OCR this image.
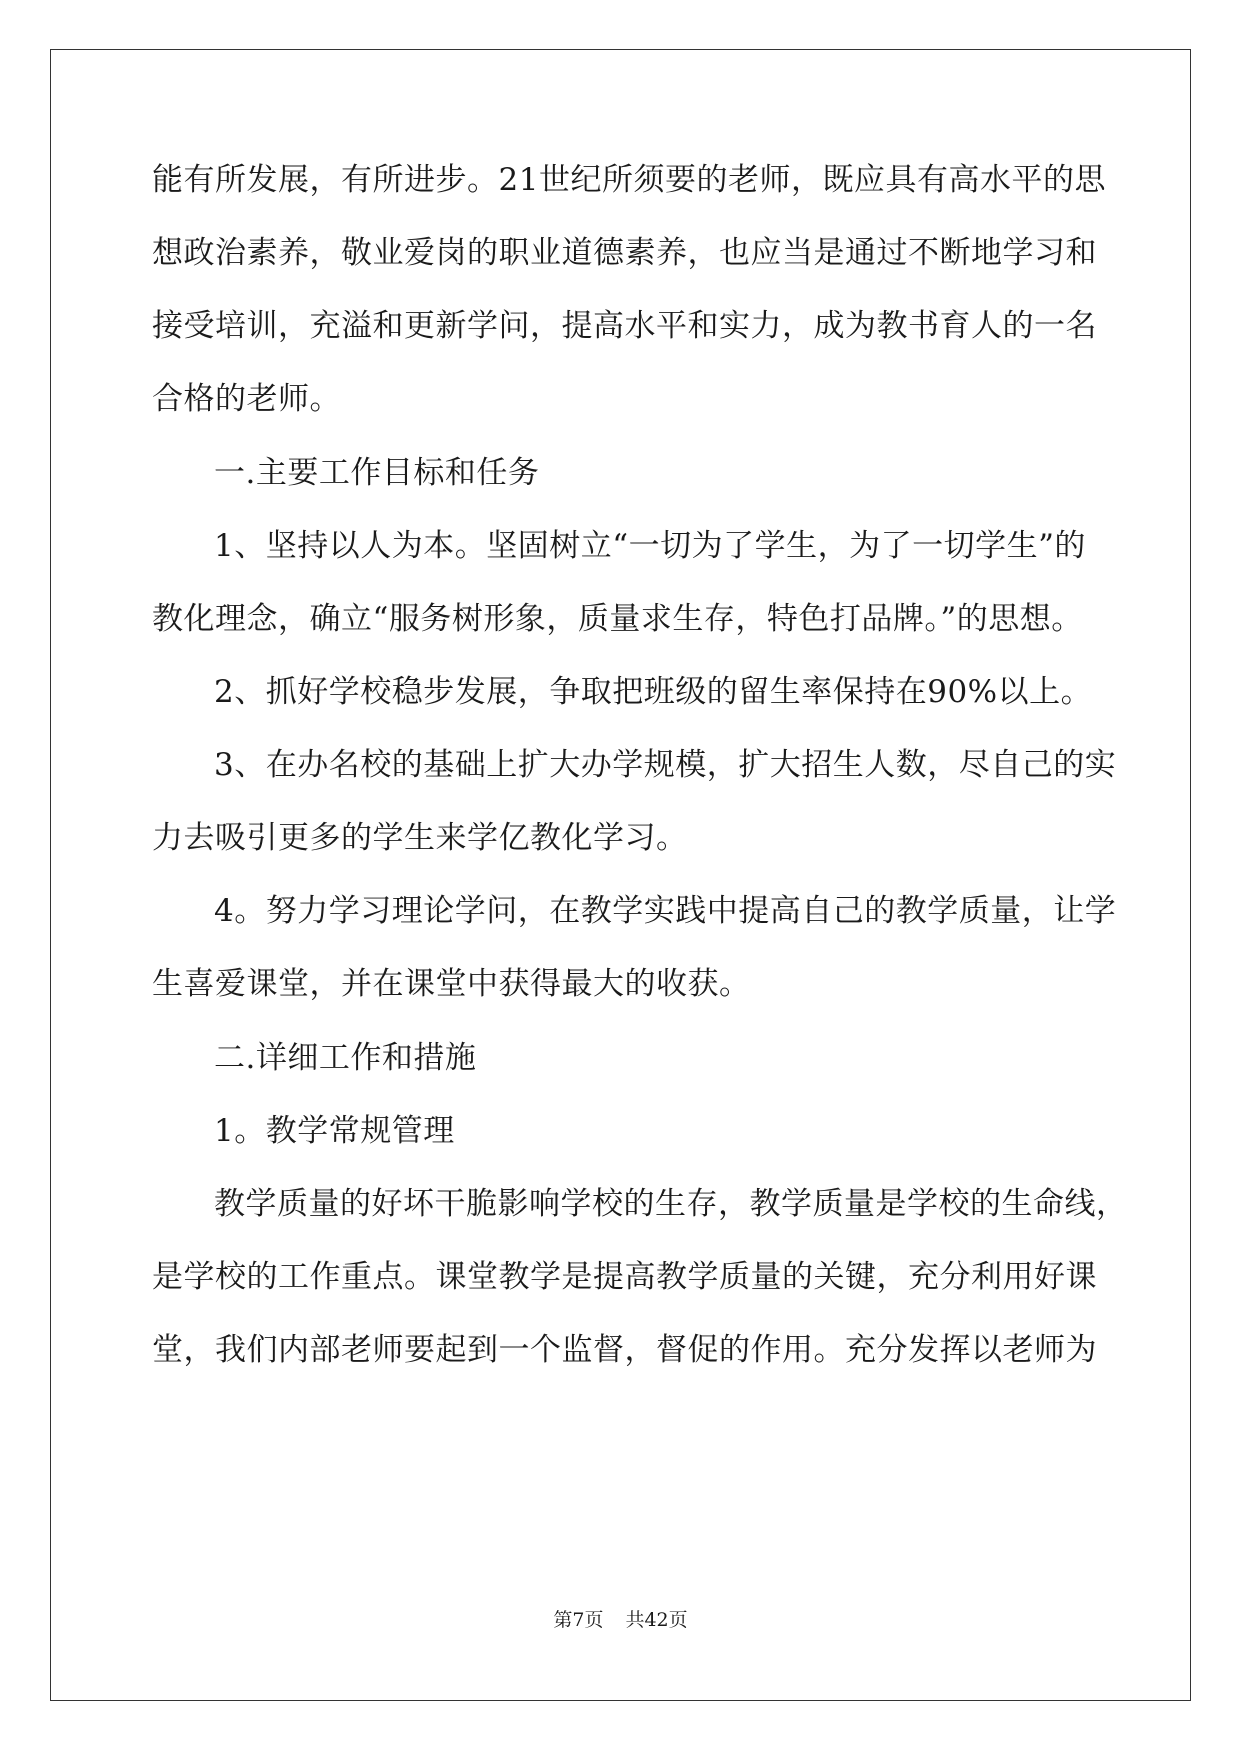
能有所发展，有所进步。21世纪所须要的老师，既应具有高水平的思
想政治素养，敬业爱岗的职业道德素养，也应当是通过不断地学习和
接受培训，充溢和更新学问，提高水平和实力，成为教书育人的一名
合格的老师。
一.主要工作目标和任务
1、坚持以人为本。坚固树立“一切为了学生，为了一切学生”的
教化理念，确立“服务树形象，质量求生存，特色打品牌。”的思想。
2、抓好学校稳步发展，争取把班级的留生率保持在90%以上。
3、在办名校的基础上扩大办学规模，扩大招生人数，尽自己的实
力去吸引更多的学生来学亿教化学习。
4。努力学习理论学问，在教学实践中提高自己的教学质量，让学
生喜爱课堂，并在课堂中获得最大的收获。
二.详细工作和措施
1。教学常规管理
教学质量的好坏干脆影响学校的生存，教学质量是学校的生命线，
是学校的工作重点。课堂教学是提高教学质量的关键，充分利用好课
堂，我们内部老师要起到一个监督，督促的作用。充分发挥以老师为
第7页 共42页
